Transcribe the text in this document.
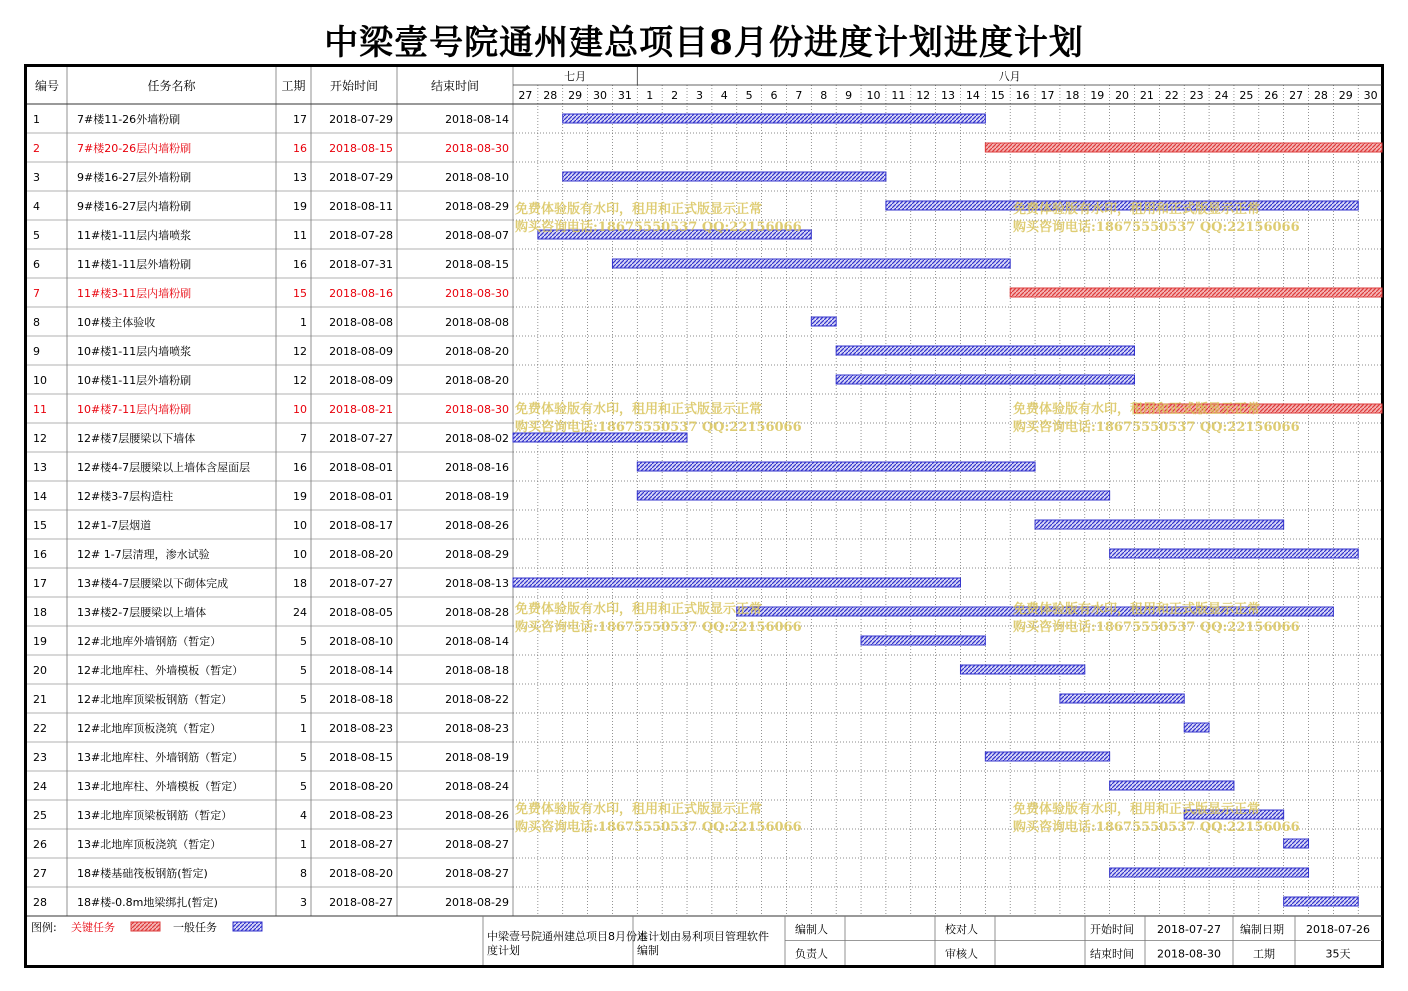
中梁壹号院通州建总项目8月份进度计划进度计划
七月	八月
27 28 29 30 31 1 2 3 4 5 6 7 8 9 10 11 12 13 14 15 16 17 18 19 20 21 22 23 24 25 26 27 28 29 30
编号	任务名称	工期 开始时间	结束时间
1	7#楼11-26外墙粉刷	17 2018-07-29	2018-08-14
2	7#楼20-26层内墙粉刷	16 2018-08-15	2018-08-30
3	9#楼16-27层外墙粉刷	13 2018-07-29	2018-08-10
4	9#楼16-27层内墙粉刷	19 2018-08-11	2018-08-29
5	11#楼1-11层内墙喷浆	11 2018-07-28	2018-08-07
6	11#楼1-11层外墙粉刷	16 2018-07-31	2018-08-15
7	11#楼3-11层内墙粉刷	15 2018-08-16	2018-08-30
8	10#楼主体验收	1 2018-08-08	2018-08-08
9	10#楼1-11层内墙喷浆	12 2018-08-09	2018-08-20
10	10#楼1-11层外墙粉刷	12 2018-08-09	2018-08-20
11	10#楼7-11层内墙粉刷	10 2018-08-21	2018-08-30
12	12#楼7层腰梁以下墙体	7 2018-07-27	2018-08-02
13	12#楼4-7层腰梁以上墙体含屋面层	16 2018-08-01	2018-08-16
14	12#楼3-7层构造柱	19 2018-08-01	2018-08-19
15	12#1-7层烟道	10 2018-08-17	2018-08-26
16	12# 1-7层清理，渗水试验	10 2018-08-20	2018-08-29
17	13#楼4-7层腰梁以下砌体完成	18 2018-07-27	2018-08-13
18	13#楼2-7层腰梁以上墙体	24 2018-08-05	2018-08-28
19	12#北地库外墙钢筋（暂定）	5 2018-08-10	2018-08-14
20	12#北地库柱、外墙模板（暂定）	5 2018-08-14	2018-08-18
21	12#北地库顶梁板钢筋（暂定）	5 2018-08-18	2018-08-22
22	12#北地库顶板浇筑（暂定）	1 2018-08-23	2018-08-23
23	13#北地库柱、外墙钢筋（暂定）	5 2018-08-15	2018-08-19
24	13#北地库柱、外墙模板（暂定）	5 2018-08-20	2018-08-24
25	13#北地库顶梁板钢筋（暂定）	4 2018-08-23	2018-08-26
26	13#北地库顶板浇筑（暂定）	1 2018-08-27	2018-08-27
27	18#楼基础筏板钢筋(暂定)	8 2018-08-20	2018-08-27
28	18#楼-0.8m地梁绑扎(暂定)	3 2018-08-27	2018-08-29
免费体验版有水印，租用和正式版显示正常
购买咨询电话:18675550537 QQ:22156066
免费体验版有水印，租用和正式版显示正常
购买咨询电话:18675550537 QQ:22156066
免费体验版有水印，租用和正式版显示正常
购买咨询电话:18675550537 QQ:22156066
免费体验版有水印，租用和正式版显示正常
购买咨询电话:18675550537 QQ:22156066
免费体验版有水印，租用和正式版显示正常
购买咨询电话:18675550537 QQ:22156066
免费体验版有水印，租用和正式版显示正常
购买咨询电话:18675550537 QQ:22156066
免费体验版有水印，租用和正式版显示正常
购买咨询电话:18675550537 QQ:22156066
免费体验版有水印，租用和正式版显示正常
购买咨询电话:18675550537 QQ:22156066
图例: 关键任务	一般任务
中梁壹号院通州建总项目8月份进
度计划
本计划由易利项目管理软件
编制
编制人	校对人
负责人	审核人
开始时间 2018-07-27
结束时间 2018-08-30
编制日期 2018-07-26
工期	35天
